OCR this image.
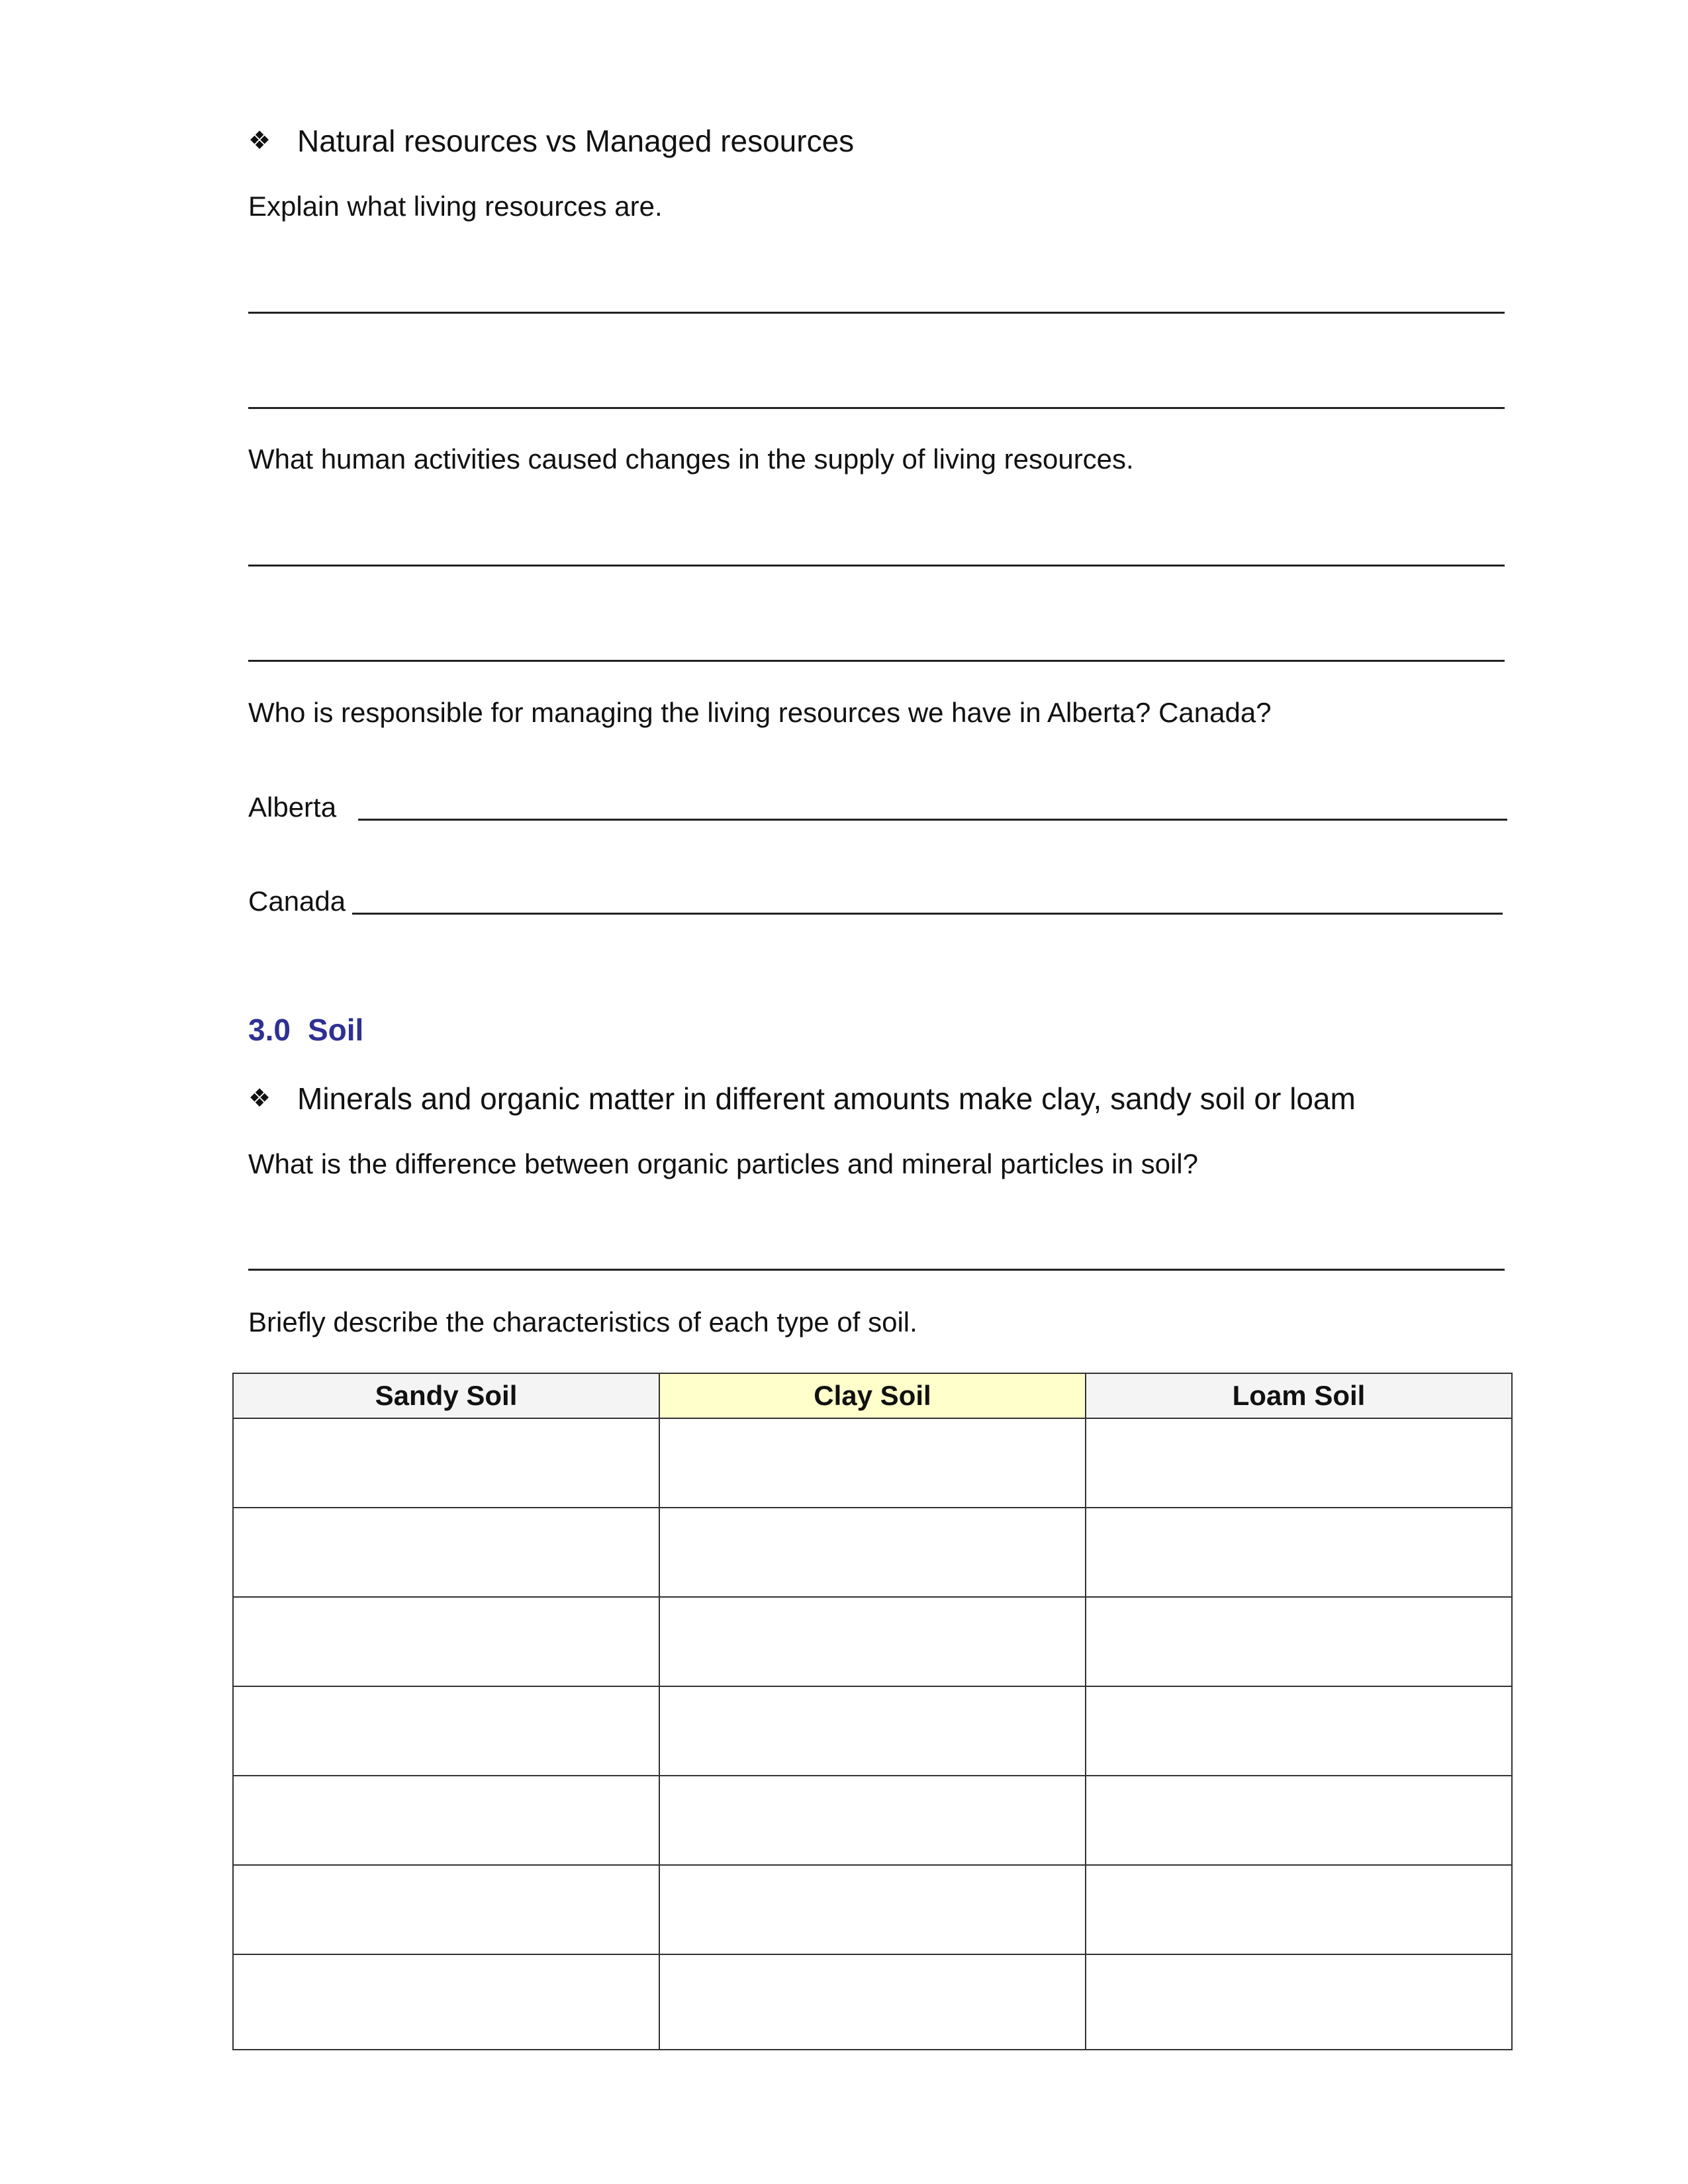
❖ Natural resources vs Managed resources
Explain what living resources are.
What human activities caused changes in the supply of living resources.
Who is responsible for managing the living resources we have in Alberta? Canada?
Alberta
Canada
3.0 Soil
❖ Minerals and organic matter in different amounts make clay, sandy soil or loam
What is the difference between organic particles and mineral particles in soil?
Briefly describe the characteristics of each type of soil.
Sandy Soil	Clay Soil	Loam Soil
